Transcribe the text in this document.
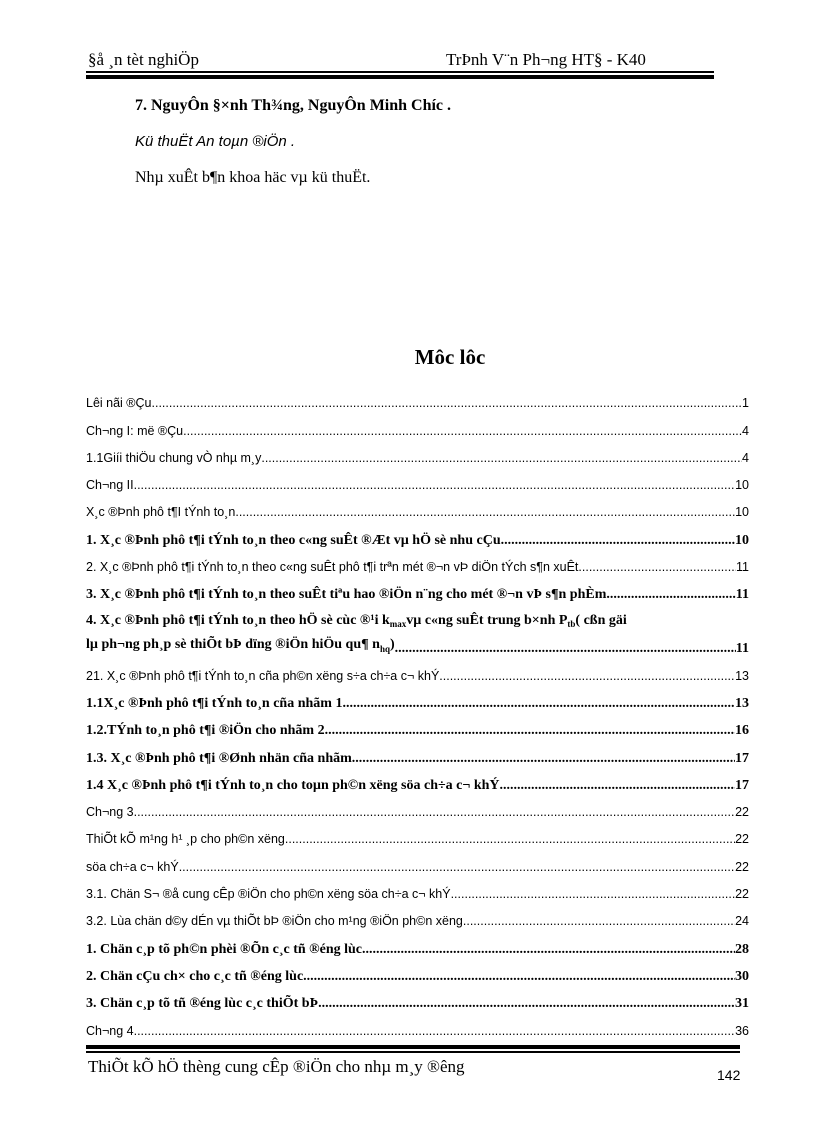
§å ¸n tèt nghiÖp	TrÞnh V¨n Ph¬ng HT§ - K40
7. NguyÔn §×nh Th¾ng, NguyÔn Minh Chíc .
Kü thuËt An toµn ®iÖn .
Nhµ xuÊt b¶n khoa häc vµ kü thuËt.
Môc lôc
Lêi nãi ®Çu .....	1
Ch¬ng I: më ®Çu .....	4
1.1Giíi thiÖu chung vÒ nhµ m¸y .....	4
Ch¬ng II .....	10
X¸c ®Þnh phô t¶I tÝnh to¸n .....	10
1. X¸c ®Þnh phô t¶i tÝnh to¸n theo c«ng suÊt ®Æt vµ hÖ sè nhu cÇu. .....	10
2. X¸c ®Þnh phô t¶i tÝnh to¸n theo c«ng suÊt phô t¶i trªn mét ®¬n vÞ diÖn tÝch s¶n xuÊt. .....	11
3. X¸c ®Þnh phô t¶i tÝnh to¸n theo suÊt tiªu hao ®iÖn n¨ng cho mét ®¬n vÞ s¶n phÈm. .....	11
4. X¸c ®Þnh phô t¶i tÝnh to¸n theo hÖ sè cùc ®¹i $k_{max}$ vµ c«ng suÊt trung b×nh P $_{tb}$ ( cßn gäi
lµ ph¬ng ph¸p sè thiÕt bÞ dïng ®iÖn hiÖu qu¶ $n_{hq}$) .....	11
21. X¸c ®Þnh phô t¶i tÝnh to¸n cña ph©n xëng s÷a ch÷a c¬ khÝ. .....	13
1.1X¸c ®Þnh phô t¶i tÝnh to¸n cña nhãm 1. .....	13
1.2.TÝnh to¸n phô t¶i ®iÖn cho nhãm 2. .....	16
1.3. X¸c ®Þnh phô t¶i ®Ønh nhän cña nhãm. .....	17
1.4 X¸c ®Þnh phô t¶i tÝnh to¸n cho toµn ph©n xëng söa ch÷a c¬ khÝ. .....	17
Ch¬ng 3 .....	22
ThiÕt kÕ m¹ng h¹ ¸p cho ph©n xëng .....	22
söa ch÷a c¬ khÝ .....	22
3.1. Chän S¬ ®å cung cÊp ®iÖn cho ph©n xëng söa ch÷a c¬ khÝ. .....	22
3.2. Lùa chän d©y dÉn vµ thiÕt bÞ ®iÖn cho m¹ng ®iÖn ph©n xëng. .....	24
1. Chän c¸p tõ ph©n phèi ®Õn c¸c tñ ®éng lùc .....	28
2. Chän cÇu ch× cho c¸c tñ ®éng lùc .....	30
3. Chän c¸p tõ tñ ®éng lùc c¸c thiÕt bÞ. .....	31
Ch¬ng 4 .....	36
ThiÕt kÕ hÖ thèng cung cÊp ®iÖn cho nhµ m¸y ®êng	142
